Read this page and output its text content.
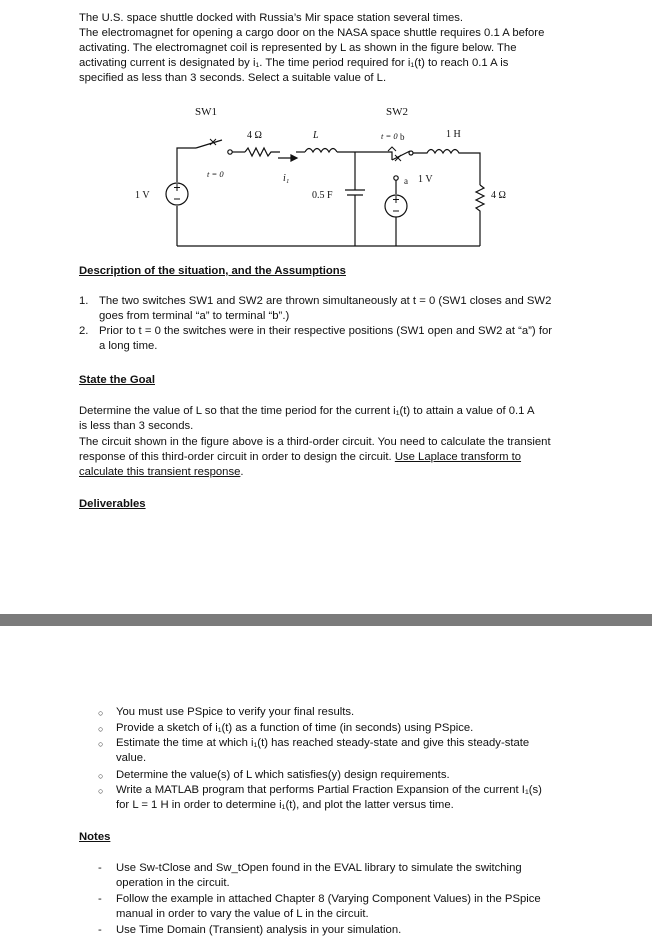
The U.S. space shuttle docked with Russia’s Mir space station several times.
The electromagnet for opening a cargo door on the NASA space shuttle requires 0.1 A before
activating. The electromagnet coil is represented by L as shown in the figure below. The
activating current is designated by i₁. The time period required for i₁(t) to reach 0.1 A is
specified as less than 3 seconds. Select a suitable value of L.
SW1	SW2
4 Ω	L	1 H
t = 0 b
t = 0	i₁	a
1 V	0.5 F
1 V
4 Ω
Description of the situation, and the Assumptions
1. The two switches SW1 and SW2 are thrown simultaneously at t = 0 (SW1 closes and SW2
goes from terminal “a” to terminal “b”.)
2. Prior to t = 0 the switches were in their respective positions (SW1 open and SW2 at “a”) for
a long time.
State the Goal
Determine the value of L so that the time period for the current i₁(t) to attain a value of 0.1 A
is less than 3 seconds.
The circuit shown in the figure above is a third-order circuit. You need to calculate the transient
response of this third-order circuit in order to design the circuit. Use Laplace transform to
calculate this transient response.
Deliverables
○ You must use PSpice to verify your final results.
○ Provide a sketch of i₁(t) as a function of time (in seconds) using PSpice.
○ Estimate the time at which i₁(t) has reached steady-state and give this steady-state
value.
○ Determine the value(s) of L which satisfies(y) design requirements.
○ Write a MATLAB program that performs Partial Fraction Expansion of the current I₁(s)
for L = 1 H in order to determine i₁(t), and plot the latter versus time.
Notes
- Use Sw-tClose and Sw_tOpen found in the EVAL library to simulate the switching
operation in the circuit.
- Follow the example in attached Chapter 8 (Varying Component Values) in the PSpice
manual in order to vary the value of L in the circuit.
- Use Time Domain (Transient) analysis in your simulation.
